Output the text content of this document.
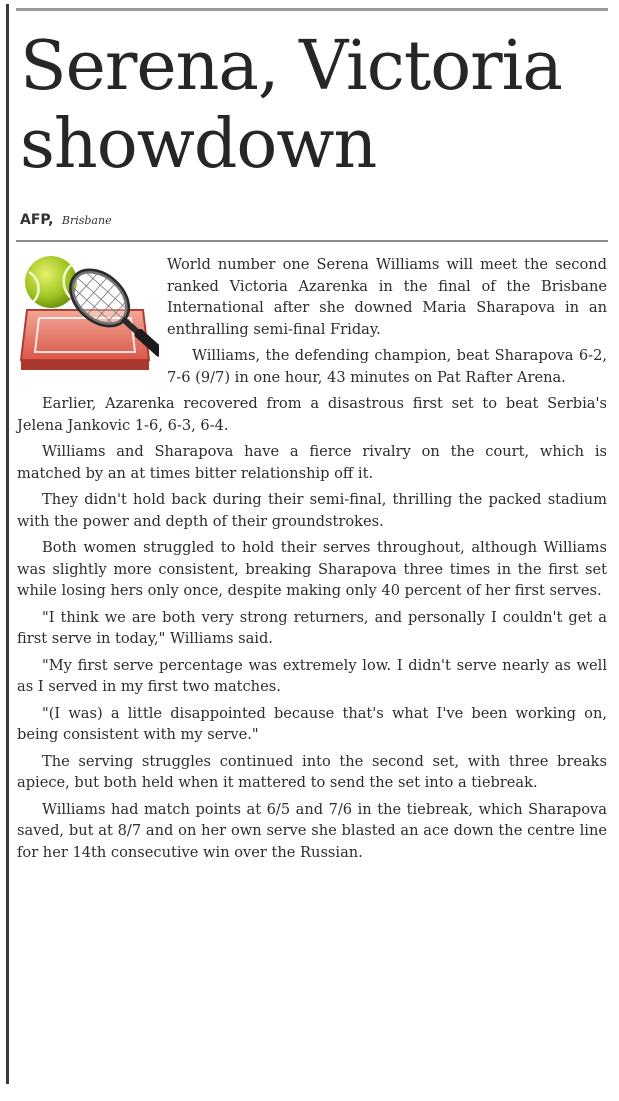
Serena, Victoria showdown
AFP, Brisbane

World number one Serena Williams will meet the second ranked Victoria Azarenka in the final of the Brisbane International after she downed Maria Sharapova in an enthralling semi-final Friday.

Williams, the defending champion, beat Sharapova 6-2, 7-6 (9/7) in one hour, 43 minutes on Pat Rafter Arena.

Earlier, Azarenka recovered from a disastrous first set to beat Serbia's Jelena Jankovic 1-6, 6-3, 6-4.

Williams and Sharapova have a fierce rivalry on the court, which is matched by an at times bitter relationship off it.

They didn't hold back during their semi-final, thrilling the packed stadium with the power and depth of their groundstrokes.

Both women struggled to hold their serves throughout, although Williams was slightly more consistent, breaking Sharapova three times in the first set while losing hers only once, despite making only 40 percent of her first serves.

"I think we are both very strong returners, and personally I couldn't get a first serve in today," Williams said.

"My first serve percentage was extremely low. I didn't serve nearly as well as I served in my first two matches.

"(I was) a little disappointed because that's what I've been working on, being consistent with my serve."

The serving struggles continued into the second set, with three breaks apiece, but both held when it mattered to send the set into a tiebreak.

Williams had match points at 6/5 and 7/6 in the tiebreak, which Sharapova saved, but at 8/7 and on her own serve she blasted an ace down the centre line for her 14th consecutive win over the Russian.
